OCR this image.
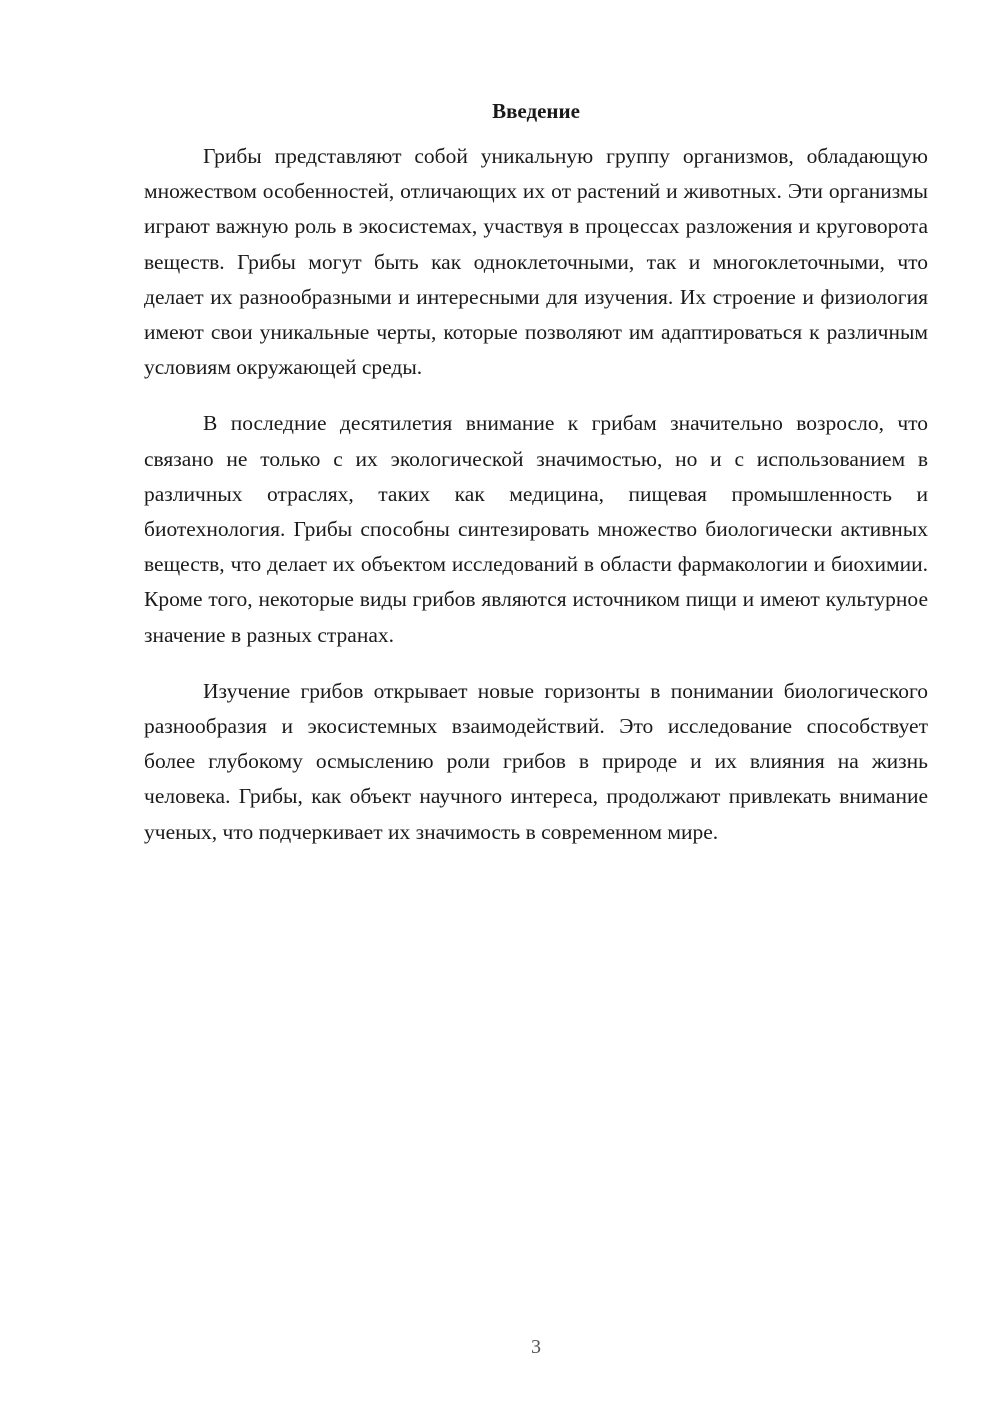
Введение

Грибы представляют собой уникальную группу организмов, обладающую множеством особенностей, отличающих их от растений и животных. Эти организмы играют важную роль в экосистемах, участвуя в процессах разложения и круговорота веществ. Грибы могут быть как одноклеточными, так и многоклеточными, что делает их разнообразными и интересными для изучения. Их строение и физиология имеют свои уникальные черты, которые позволяют им адаптироваться к различным условиям окружающей среды.

В последние десятилетия внимание к грибам значительно возросло, что связано не только с их экологической значимостью, но и с использованием в различных отраслях, таких как медицина, пищевая промышленность и биотехнология. Грибы способны синтезировать множество биологически активных веществ, что делает их объектом исследований в области фармакологии и биохимии. Кроме того, некоторые виды грибов являются источником пищи и имеют культурное значение в разных странах.

Изучение грибов открывает новые горизонты в понимании биологического разнообразия и экосистемных взаимодействий. Это исследование способствует более глубокому осмыслению роли грибов в природе и их влияния на жизнь человека. Грибы, как объект научного интереса, продолжают привлекать внимание ученых, что подчеркивает их значимость в современном мире.

3
